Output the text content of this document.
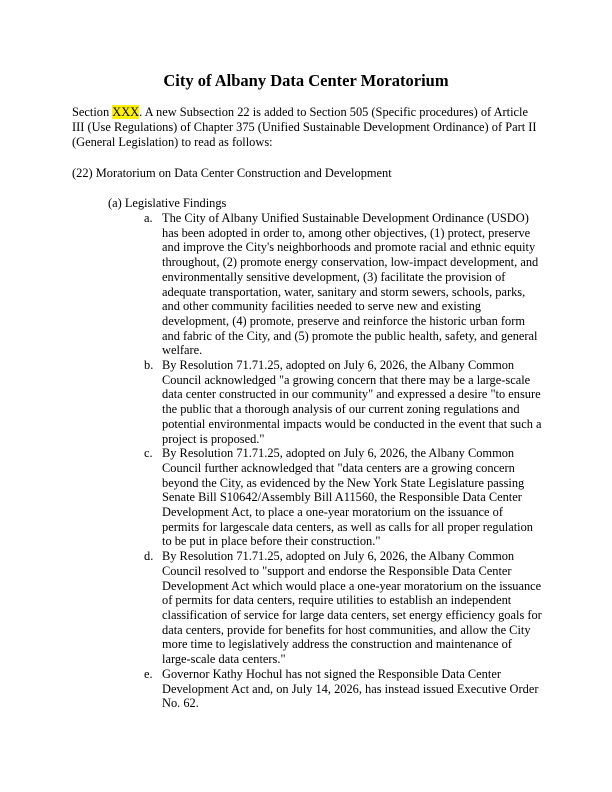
City of Albany Data Center Moratorium

Section XXX. A new Subsection 22 is added to Section 505 (Specific procedures) of Article III (Use Regulations) of Chapter 375 (Unified Sustainable Development Ordinance) of Part II (General Legislation) to read as follows:

(22) Moratorium on Data Center Construction and Development

(a) Legislative Findings

a. The City of Albany Unified Sustainable Development Ordinance (USDO) has been adopted in order to, among other objectives, (1) protect, preserve and improve the City's neighborhoods and promote racial and ethnic equity throughout, (2) promote energy conservation, low-impact development, and environmentally sensitive development, (3) facilitate the provision of adequate transportation, water, sanitary and storm sewers, schools, parks, and other community facilities needed to serve new and existing development, (4) promote, preserve and reinforce the historic urban form and fabric of the City, and (5) promote the public health, safety, and general welfare.
b. By Resolution 71.71.25, adopted on July 6, 2026, the Albany Common Council acknowledged "a growing concern that there may be a large-scale data center constructed in our community" and expressed a desire "to ensure the public that a thorough analysis of our current zoning regulations and potential environmental impacts would be conducted in the event that such a project is proposed."
c. By Resolution 71.71.25, adopted on July 6, 2026, the Albany Common Council further acknowledged that "data centers are a growing concern beyond the City, as evidenced by the New York State Legislature passing Senate Bill S10642/Assembly Bill A11560, the Responsible Data Center Development Act, to place a one-year moratorium on the issuance of permits for largescale data centers, as well as calls for all proper regulation to be put in place before their construction."
d. By Resolution 71.71.25, adopted on July 6, 2026, the Albany Common Council resolved to "support and endorse the Responsible Data Center Development Act which would place a one-year moratorium on the issuance of permits for data centers, require utilities to establish an independent classification of service for large data centers, set energy efficiency goals for data centers, provide for benefits for host communities, and allow the City more time to legislatively address the construction and maintenance of large-scale data centers."
e. Governor Kathy Hochul has not signed the Responsible Data Center Development Act and, on July 14, 2026, has instead issued Executive Order No. 62.
